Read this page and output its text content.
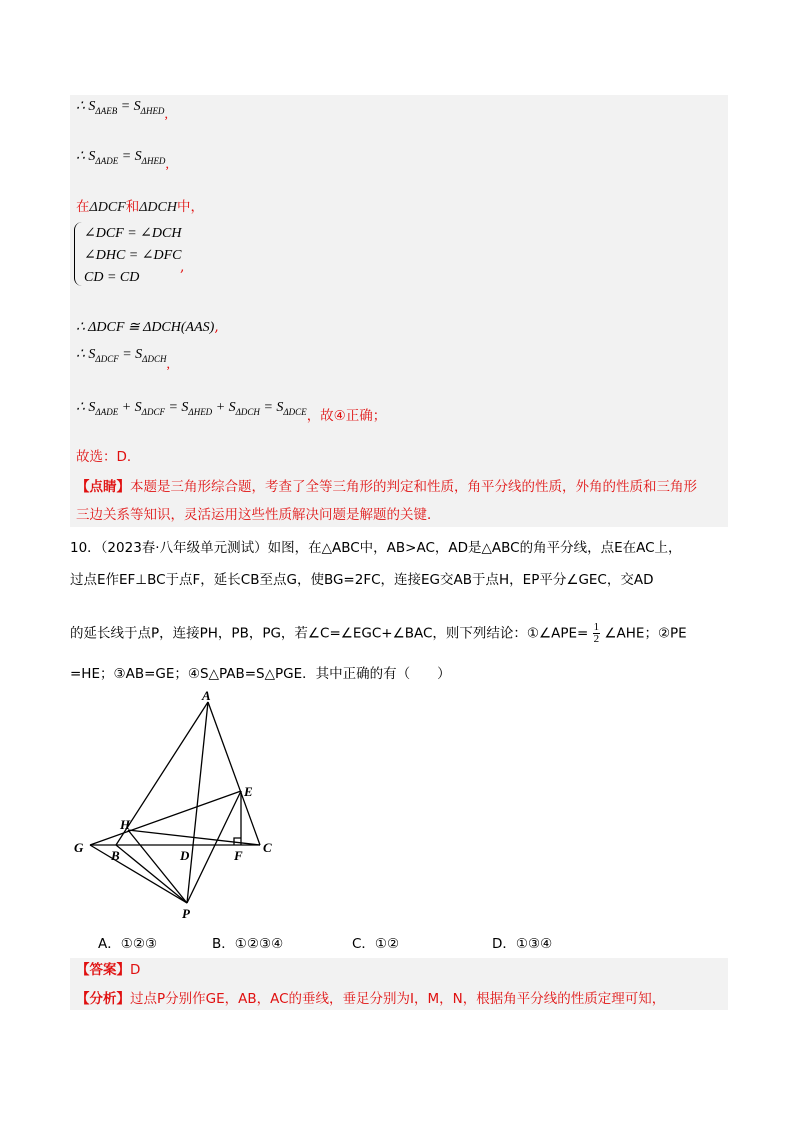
∴ $S_{\Delta AEB} = S_{\Delta HED}$,
∴ $S_{\Delta ADE} = S_{\Delta HED}$,
在ΔDCF和ΔDCH中，
∠DCF = ∠DCH
∠DHC = ∠DFC
CD = CD
,
∴ ΔDCF ≅ ΔDCH(AAS),
∴ $S_{\Delta DCF} = S_{\Delta DCH}$,
∴ $S_{\Delta ADE} + S_{\Delta DCF} = S_{\Delta HED} + S_{\Delta DCH} = S_{\Delta DCE}$，故④正确；
故选：D．
【点睛】本题是三角形综合题，考查了全等三角形的判定和性质，角平分线的性质，外角的性质和三角形
三边关系等知识，灵活运用这些性质解决问题是解题的关键．
10．（2023春·八年级单元测试）如图，在△ABC中，AB>AC，AD是△ABC的角平分线，点E在AC上，
过点E作EF⊥BC于点F，延长CB至点G，使BG=2FC，连接EG交AB于点H，EP平分∠GEC，交AD
的延长线于点P，连接PH，PB，PG，若∠C=∠EGC+∠BAC，则下列结论：①∠APE= $\frac{1}{2}$ ∠AHE；②PE
=HE；③AB=GE；④S△PAB=S△PGE．其中正确的有（　　）
A
E
H
G
B	D	F
C
P
A．①②③	B．①②③④	C．①②	D．①③④
【答案】D
【分析】过点P分别作GE，AB，AC的垂线，垂足分别为I，M，N，根据角平分线的性质定理可知，
